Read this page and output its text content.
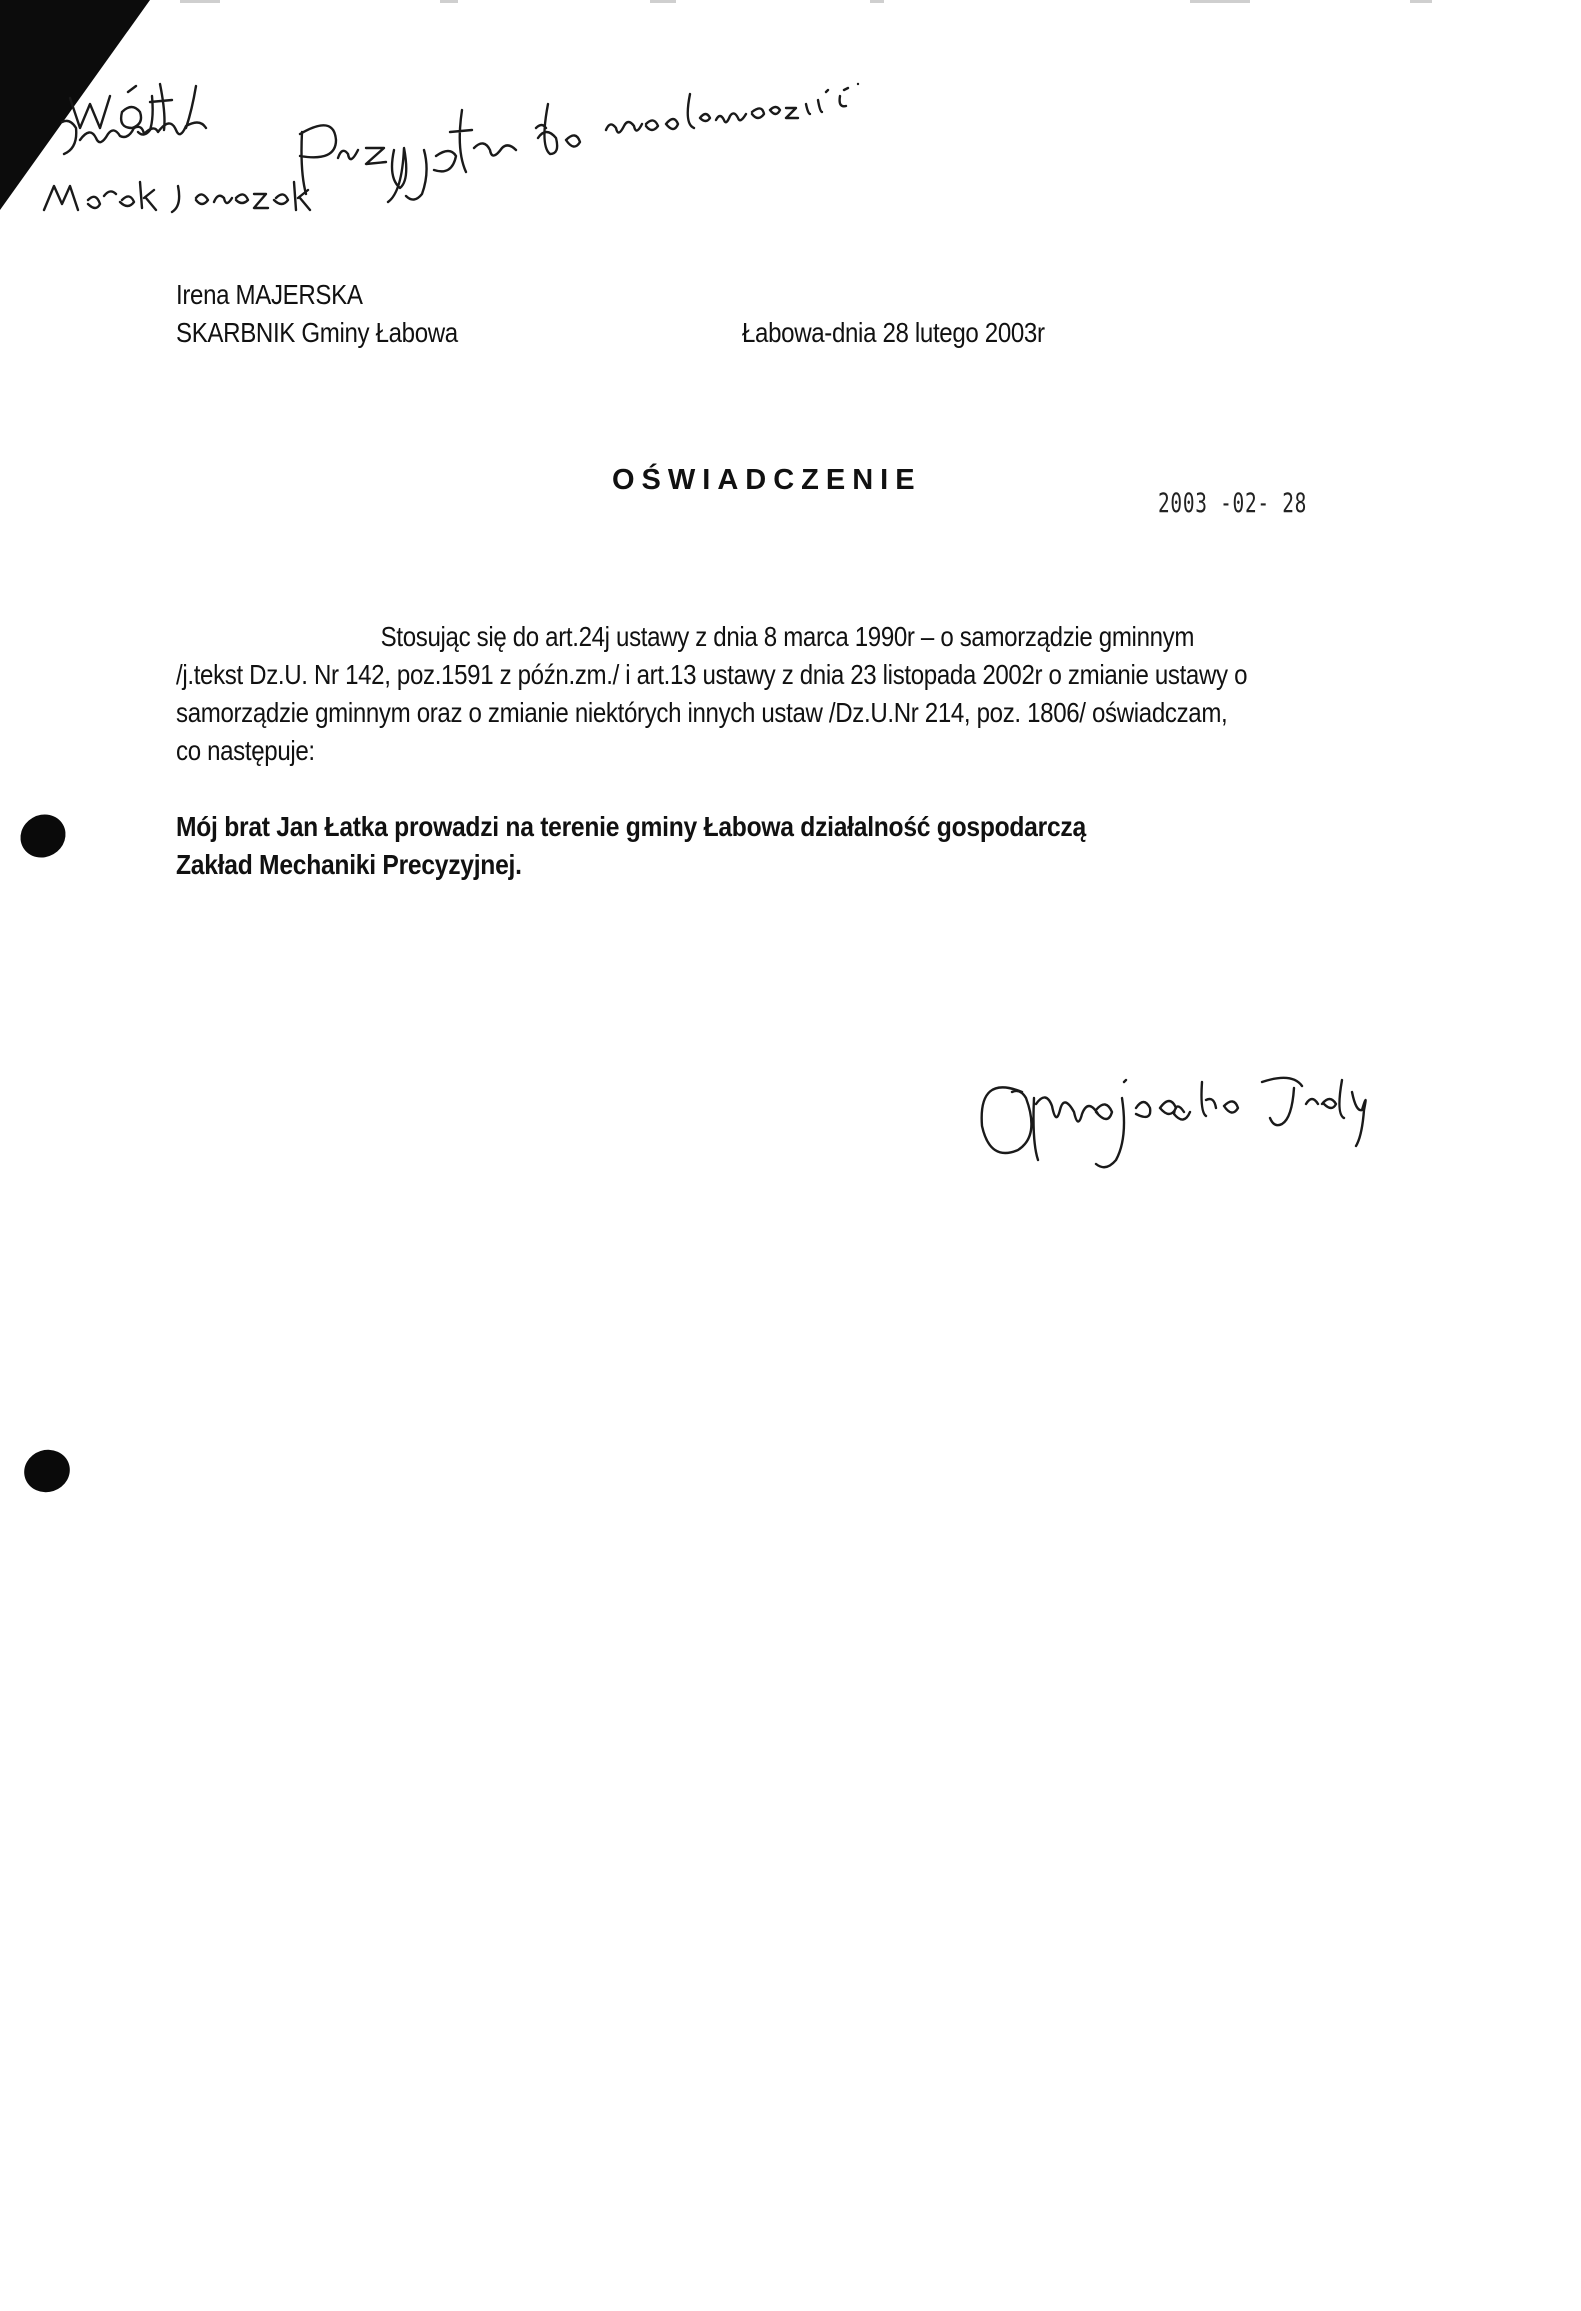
Irena MAJERSKA
SKARBNIK Gminy Łabowa	Łabowa-dnia 28 lutego 2003r
OŚWIADCZENIE
2003 -02- 28
Stosując się do art.24j ustawy z dnia 8 marca 1990r – o samorządzie gminnym
/j.tekst Dz.U. Nr 142, poz.1591 z późn.zm./ i art.13 ustawy z dnia 23 listopada 2002r o zmianie ustawy o
samorządzie gminnym oraz o zmianie niektórych innych ustaw /Dz.U.Nr 214, poz. 1806/ oświadczam,
co następuje:
Mój brat Jan Łatka prowadzi na terenie gminy Łabowa działalność gospodarczą
Zakład Mechaniki Precyzyjnej.
